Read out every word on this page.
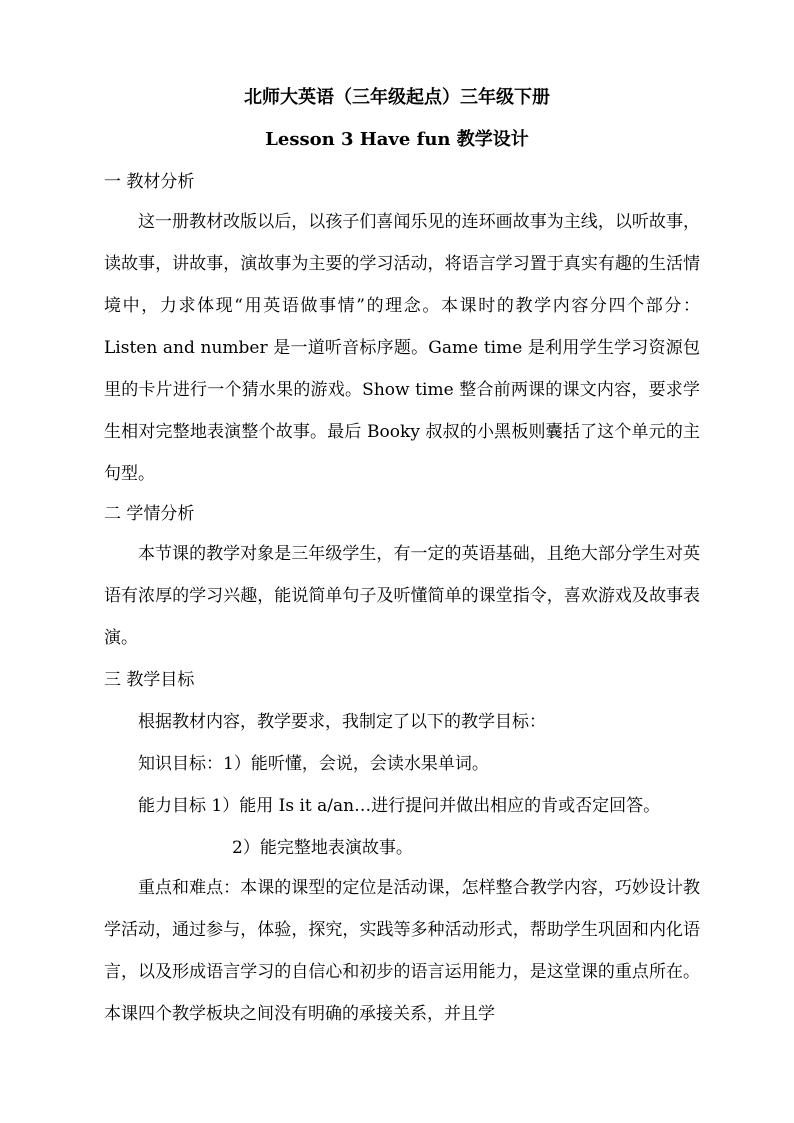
北师大英语（三年级起点）三年级下册
Lesson 3 Have fun 教学设计
一 教材分析

这一册教材改版以后，以孩子们喜闻乐见的连环画故事为主线，以听故事，读故事，讲故事，演故事为主要的学习活动，将语言学习置于真实有趣的生活情境中，力求体现“用英语做事情”的理念。本课时的教学内容分四个部分：Listen and number 是一道听音标序题。Game time 是利用学生学习资源包里的卡片进行一个猜水果的游戏。Show time 整合前两课的课文内容，要求学生相对完整地表演整个故事。最后 Booky 叔叔的小黑板则囊括了这个单元的主句型。

二 学情分析

本节课的教学对象是三年级学生，有一定的英语基础，且绝大部分学生对英语有浓厚的学习兴趣，能说简单句子及听懂简单的课堂指令，喜欢游戏及故事表演。

三 教学目标
根据教材内容，教学要求，我制定了以下的教学目标：
知识目标：1）能听懂，会说，会读水果单词。
能力目标 1）能用 Is it a/an…进行提问并做出相应的肯或否定回答。
2）能完整地表演故事。

重点和难点：本课的课型的定位是活动课，怎样整合教学内容，巧妙设计教学活动，通过参与，体验，探究，实践等多种活动形式，帮助学生巩固和内化语言，以及形成语言学习的自信心和初步的语言运用能力，是这堂课的重点所在。本课四个教学板块之间没有明确的承接关系，并且学
